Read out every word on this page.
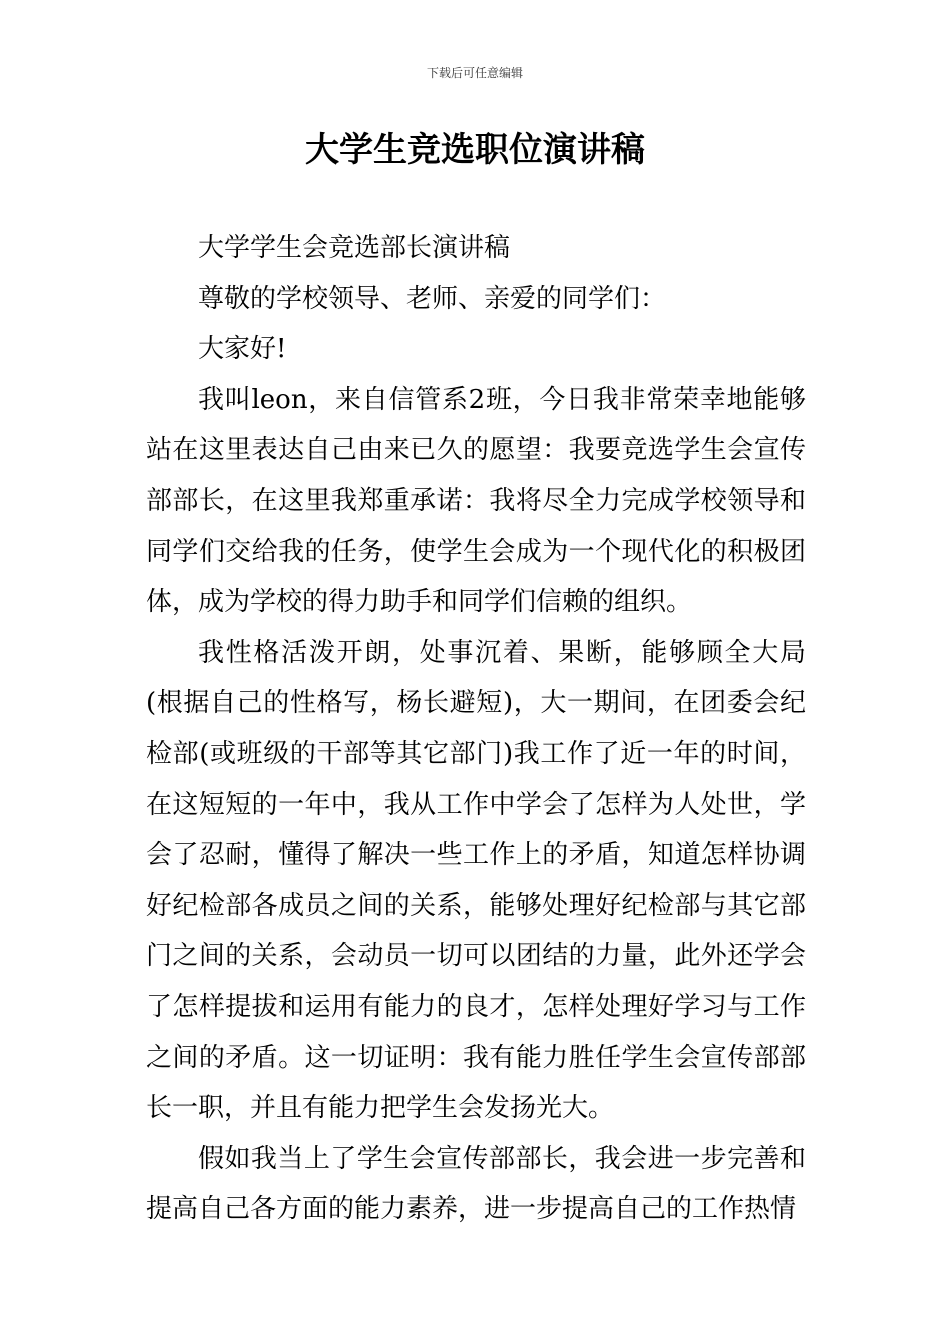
下载后可任意编辑
大学生竞选职位演讲稿

大学学生会竞选部长演讲稿

尊敬的学校领导、老师、亲爱的同学们：

大家好!

我叫leon，来自信管系2班，今日我非常荣幸地能够站在这里表达自己由来已久的愿望：我要竞选学生会宣传部部长，在这里我郑重承诺：我将尽全力完成学校领导和同学们交给我的任务，使学生会成为一个现代化的积极团体，成为学校的得力助手和同学们信赖的组织。

我性格活泼开朗，处事沉着、果断，能够顾全大局(根据自己的性格写，杨长避短)，大一期间，在团委会纪检部(或班级的干部等其它部门)我工作了近一年的时间，在这短短的一年中，我从工作中学会了怎样为人处世，学会了忍耐，懂得了解决一些工作上的矛盾，知道怎样协调好纪检部各成员之间的关系，能够处理好纪检部与其它部门之间的关系，会动员一切可以团结的力量，此外还学会了怎样提拔和运用有能力的良才，怎样处理好学习与工作之间的矛盾。这一切证明：我有能力胜任学生会宣传部部长一职，并且有能力把学生会发扬光大。

假如我当上了学生会宣传部部长，我会进一步完善和提高自己各方面的能力素养，进一步提高自己的工作热情
